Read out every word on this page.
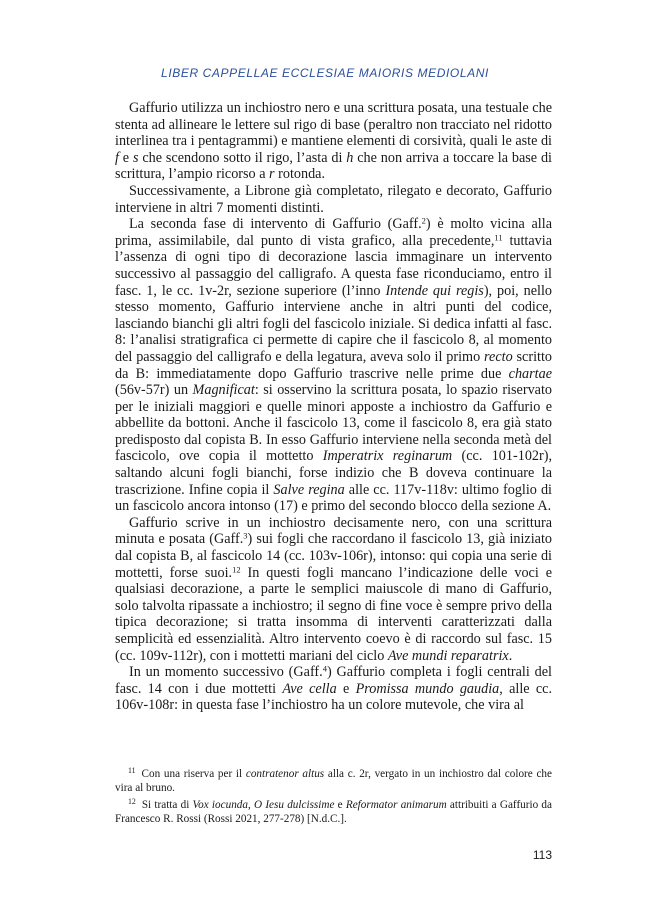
LIBER CAPPELLAE ECCLESIAE MAIORIS MEDIOLANI

Gaffurio utilizza un inchiostro nero e una scrittura posata, una testuale che stenta ad allineare le lettere sul rigo di base (peraltro non tracciato nel ridotto interlinea tra i pentagrammi) e mantiene elementi di corsività, quali le aste di f e s che scendono sotto il rigo, l’asta di h che non arriva a toccare la base di scrittura, l’ampio ricorso a r rotonda.

Successivamente, a Librone già completato, rilegato e decorato, Gaffurio interviene in altri 7 momenti distinti.

La seconda fase di intervento di Gaffurio (Gaff.$^2$) è molto vicina alla prima, assimilabile, dal punto di vista grafico, alla precedente,$^{11}$ tuttavia l’assenza di ogni tipo di decorazione lascia immaginare un intervento successivo al passaggio del calligrafo. A questa fase riconduciamo, entro il fasc. 1, le cc. 1v-2r, sezione superiore (l’inno Intende qui regis), poi, nello stesso momento, Gaffurio interviene anche in altri punti del codice, lasciando bianchi gli altri fogli del fascicolo iniziale. Si dedica infatti al fasc. 8: l’analisi stratigrafica ci permette di capire che il fascicolo 8, al momento del passaggio del calligrafo e della legatura, aveva solo il primo recto scritto da B: immediatamente dopo Gaffurio trascrive nelle prime due chartae (56v-57r) un Magnificat: si osservino la scrittura posata, lo spazio riservato per le iniziali maggiori e quelle minori apposte a inchiostro da Gaffurio e abbellite da bottoni. Anche il fascicolo 13, come il fascicolo 8, era già stato predisposto dal copista B. In esso Gaffurio interviene nella seconda metà del fascicolo, ove copia il mottetto Imperatrix reginarum (cc. 101-102r), saltando alcuni fogli bianchi, forse indizio che B doveva continuare la trascrizione. Infine copia il Salve regina alle cc. 117v-118v: ultimo foglio di un fascicolo ancora intonso (17) e primo del secondo blocco della sezione A.

Gaffurio scrive in un inchiostro decisamente nero, con una scrittura minuta e posata (Gaff.$^3$) sui fogli che raccordano il fascicolo 13, già iniziato dal copista B, al fascicolo 14 (cc. 103v-106r), intonso: qui copia una serie di mottetti, forse suoi.$^{12}$ In questi fogli mancano l’indicazione delle voci e qualsiasi decorazione, a parte le semplici maiuscole di mano di Gaffurio, solo talvolta ripassate a inchiostro; il segno di fine voce è sempre privo della tipica decorazione; si tratta insomma di interventi caratterizzati dalla semplicità ed essenzialità. Altro intervento coevo è di raccordo sul fasc. 15 (cc. 109v-112r), con i mottetti mariani del ciclo Ave mundi reparatrix.

In un momento successivo (Gaff.$^4$) Gaffurio completa i fogli centrali del fasc. 14 con i due mottetti Ave cella e Promissa mundo gaudia, alle cc. 106v-108r: in questa fase l’inchiostro ha un colore mutevole, che vira al

$^{11}$ Con una riserva per il contratenor altus alla c. 2r, vergato in un inchiostro dal colore che vira al bruno.

$^{12}$ Si tratta di Vox iocunda, O Iesu dulcissime e Reformator animarum attribuiti a Gaffurio da Francesco R. Rossi (Rossi 2021, 277-278) [N.d.C.].

113
